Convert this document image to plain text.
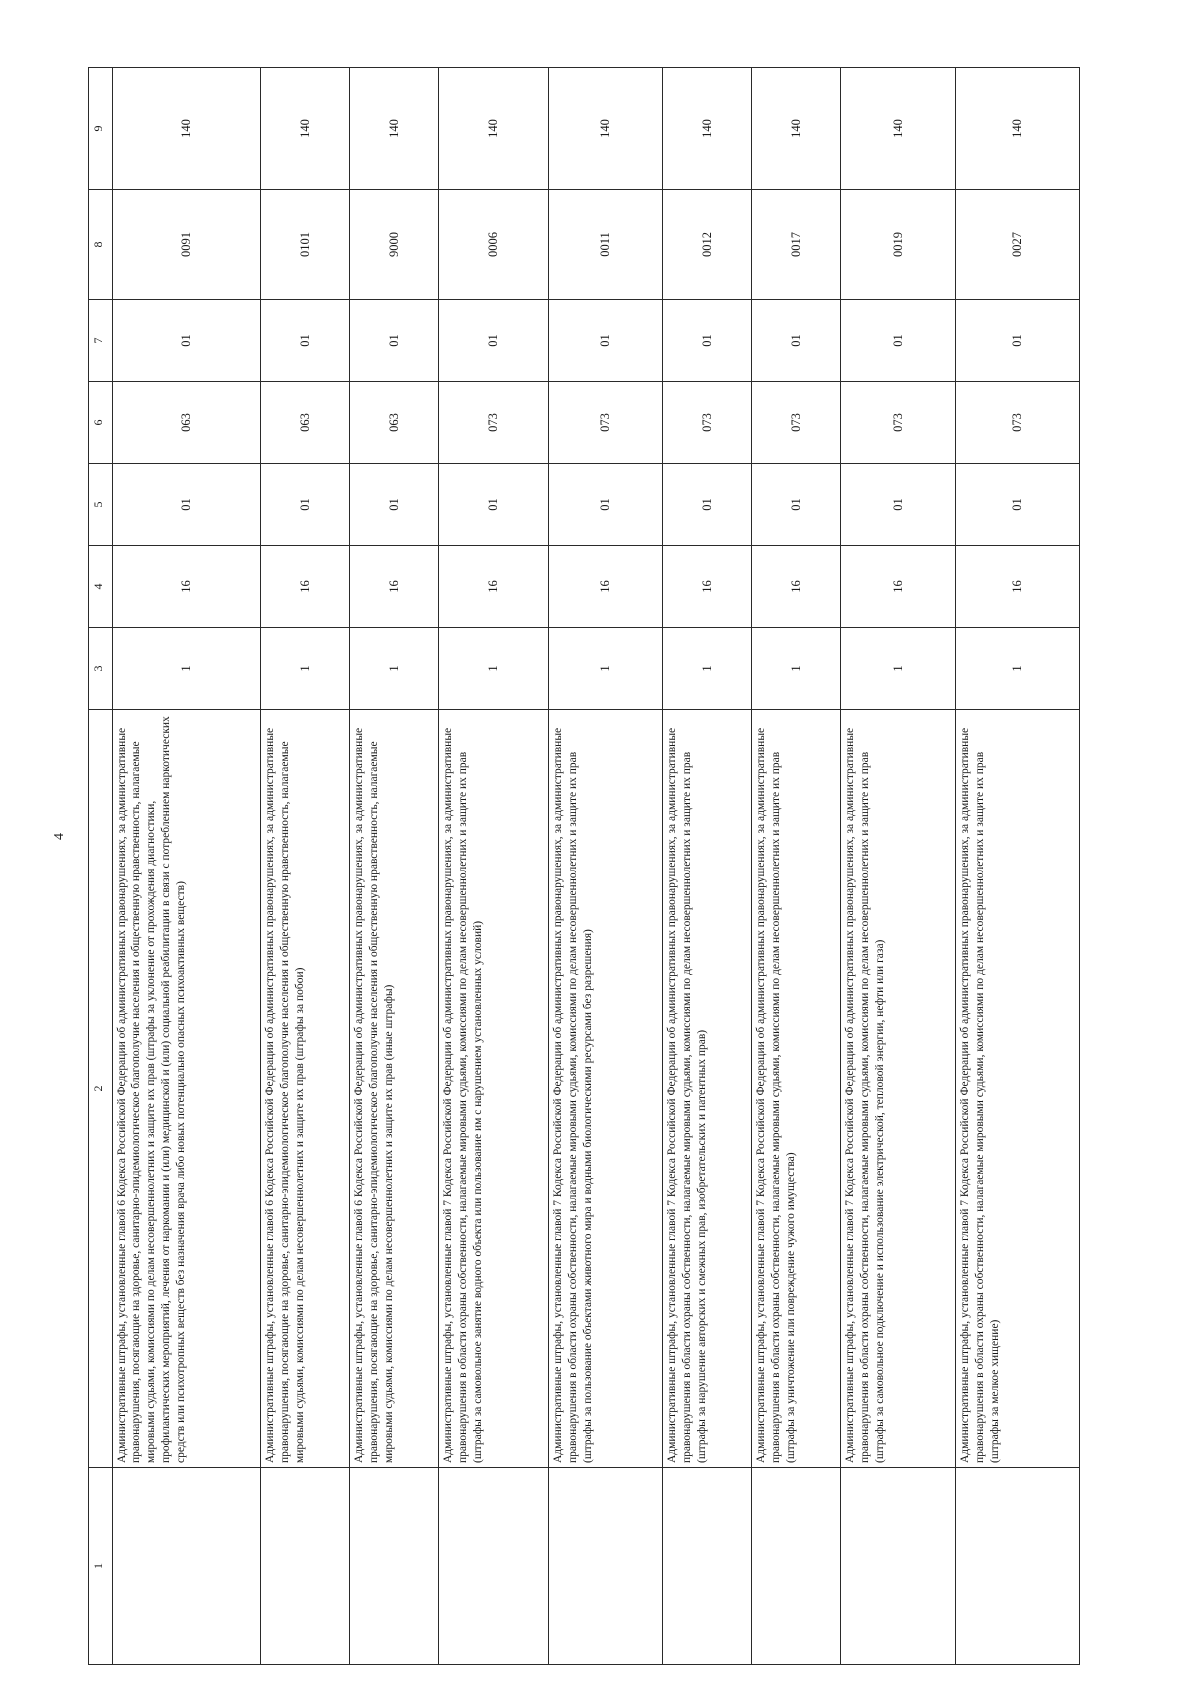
4
1	2	3	4	5	6	7	8	9
	Административные штрафы, установленные главой 6 Кодекса Российской Федерации об административных правонарушениях, за административные правонарушения, посягающие на здоровье, санитарно-эпидемиологическое благополучие населения и общественную нравственность, налагаемые мировыми судьями, комиссиями по делам несовершеннолетних и защите их прав (штрафы за уклонение от прохождения диагностики, профилактических мероприятий, лечения от наркомании и (или) медицинской и (или) социальной реабилитации в связи с потреблением наркотических средств или психотропных веществ без назначения врача либо новых потенциально опасных психоактивных веществ)	1	16	01	063	01	0091	140
	Административные штрафы, установленные главой 6 Кодекса Российской Федерации об административных правонарушениях, за административные правонарушения, посягающие на здоровье, санитарно-эпидемиологическое благополучие населения и общественную нравственность, налагаемые мировыми судьями, комиссиями по делам несовершеннолетних и защите их прав (штрафы за побои)	1	16	01	063	01	0101	140
	Административные штрафы, установленные главой 6 Кодекса Российской Федерации об административных правонарушениях, за административные правонарушения, посягающие на здоровье, санитарно-эпидемиологическое благополучие населения и общественную нравственность, налагаемые мировыми судьями, комиссиями по делам несовершеннолетних и защите их прав (иные штрафы)	1	16	01	063	01	9000	140
	Административные штрафы, установленные главой 7 Кодекса Российской Федерации об административных правонарушениях, за административные правонарушения в области охраны собственности, налагаемые мировыми судьями, комиссиями по делам несовершеннолетних и защите их прав (штрафы за самовольное занятие водного объекта или пользование им с нарушением установленных условий)	1	16	01	073	01	0006	140
	Административные штрафы, установленные главой 7 Кодекса Российской Федерации об административных правонарушениях, за административные правонарушения в области охраны собственности, налагаемые мировыми судьями, комиссиями по делам несовершеннолетних и защите их прав (штрафы за пользование объектами животного мира и водными биологическими ресурсами без разрешения)	1	16	01	073	01	0011	140
	Административные штрафы, установленные главой 7 Кодекса Российской Федерации об административных правонарушениях, за административные правонарушения в области охраны собственности, налагаемые мировыми судьями, комиссиями по делам несовершеннолетних и защите их прав (штрафы за нарушение авторских и смежных прав, изобретательских и патентных прав)	1	16	01	073	01	0012	140
	Административные штрафы, установленные главой 7 Кодекса Российской Федерации об административных правонарушениях, за административные правонарушения в области охраны собственности, налагаемые мировыми судьями, комиссиями по делам несовершеннолетних и защите их прав (штрафы за уничтожение или повреждение чужого имущества)	1	16	01	073	01	0017	140
	Административные штрафы, установленные главой 7 Кодекса Российской Федерации об административных правонарушениях, за административные правонарушения в области охраны собственности, налагаемые мировыми судьями, комиссиями по делам несовершеннолетних и защите их прав (штрафы за самовольное подключение и использование электрической, тепловой энергии, нефти или газа)	1	16	01	073	01	0019	140
	Административные штрафы, установленные главой 7 Кодекса Российской Федерации об административных правонарушениях, за административные правонарушения в области охраны собственности, налагаемые мировыми судьями, комиссиями по делам несовершеннолетних и защите их прав (штрафы за мелкое хищение)	1	16	01	073	01	0027	140
